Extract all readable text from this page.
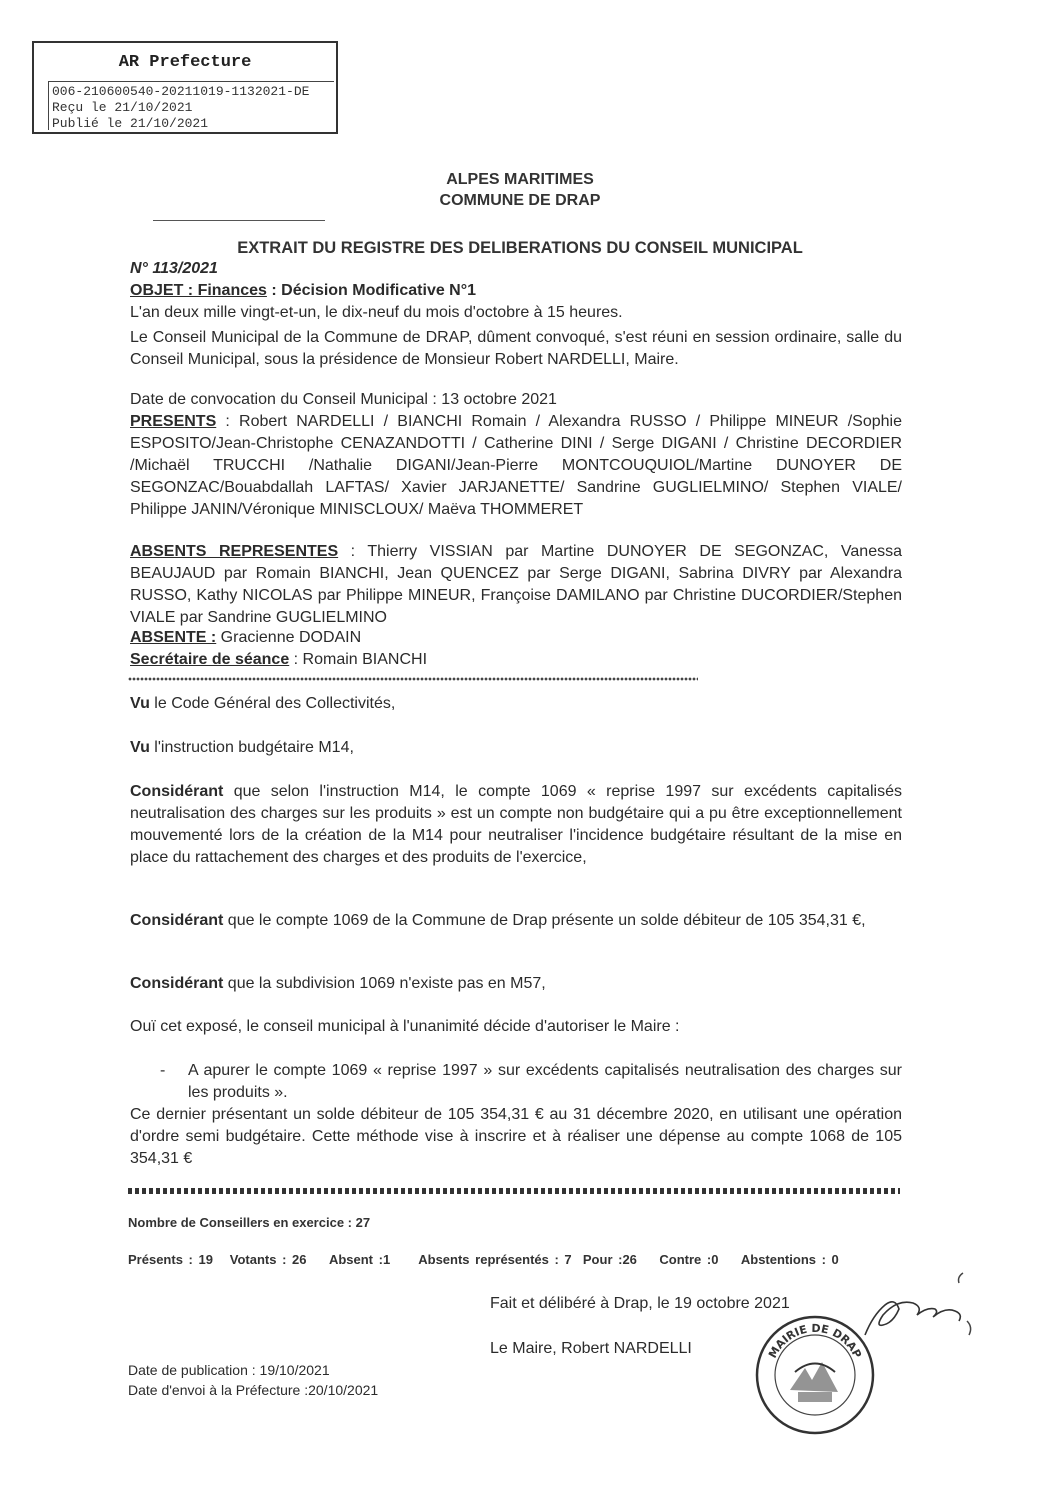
AR Prefecture
006-210600540-20211019-1132021-DE
Reçu le 21/10/2021
Publié le 21/10/2021
ALPES MARITIMES
COMMUNE DE DRAP
EXTRAIT DU REGISTRE DES DELIBERATIONS DU CONSEIL MUNICIPAL
N° 113/2021
OBJET : Finances : Décision Modificative N°1
L'an deux mille vingt-et-un, le dix-neuf du mois d'octobre à 15 heures.
Le Conseil Municipal de la Commune de DRAP, dûment convoqué, s'est réuni en session ordinaire, salle du Conseil Municipal, sous la présidence de Monsieur Robert NARDELLI, Maire.
Date de convocation du Conseil Municipal : 13 octobre 2021
PRESENTS : Robert NARDELLI / BIANCHI Romain / Alexandra RUSSO / Philippe MINEUR /Sophie ESPOSITO/Jean-Christophe CENAZANDOTTI / Catherine DINI / Serge DIGANI / Christine DECORDIER /Michaël TRUCCHI /Nathalie DIGANI/Jean-Pierre MONTCOUQUIOL/Martine DUNOYER DE SEGONZAC/Bouabdallah LAFTAS/ Xavier JARJANETTE/ Sandrine GUGLIELMINO/ Stephen VIALE/ Philippe JANIN/Véronique MINISCLOUX/ Maëva THOMMERET
ABSENTS REPRESENTES : Thierry VISSIAN par Martine DUNOYER DE SEGONZAC, Vanessa BEAUJAUD par Romain BIANCHI, Jean QUENCEZ par Serge DIGANI, Sabrina DIVRY par Alexandra RUSSO, Kathy NICOLAS par Philippe MINEUR, Françoise DAMILANO par Christine DUCORDIER/Stephen VIALE par Sandrine GUGLIELMINO
ABSENTE : Gracienne DODAIN
Secrétaire de séance : Romain BIANCHI
Vu le Code Général des Collectivités,
Vu l'instruction budgétaire M14,
Considérant que selon l'instruction M14, le compte 1069 « reprise 1997 sur excédents capitalisés neutralisation des charges sur les produits » est un compte non budgétaire qui a pu être exceptionnellement mouvementé lors de la création de la M14 pour neutraliser l'incidence budgétaire résultant de la mise en place du rattachement des charges et des produits de l'exercice,
Considérant que le compte 1069 de la Commune de Drap présente un solde débiteur de 105 354,31 €,
Considérant que la subdivision 1069 n'existe pas en M57,
Ouï cet exposé, le conseil municipal à l'unanimité décide d'autoriser le Maire :
- A apurer le compte 1069 « reprise 1997 » sur excédents capitalisés neutralisation des charges sur les produits ».
Ce dernier présentant un solde débiteur de 105 354,31 € au 31 décembre 2020, en utilisant une opération d'ordre semi budgétaire. Cette méthode vise à inscrire et à réaliser une dépense au compte 1068 de 105 354,31 €
Nombre de Conseillers en exercice : 27
Présents : 19 Votants : 26 Absent :1 Absents représentés : 7 Pour :26 Contre :0 Abstentions : 0
Fait et délibéré à Drap, le 19 octobre 2021
Le Maire, Robert NARDELLI
Date de publication : 19/10/2021
Date d'envoi à la Préfecture :20/10/2021
MAIRIE DE DRAP
